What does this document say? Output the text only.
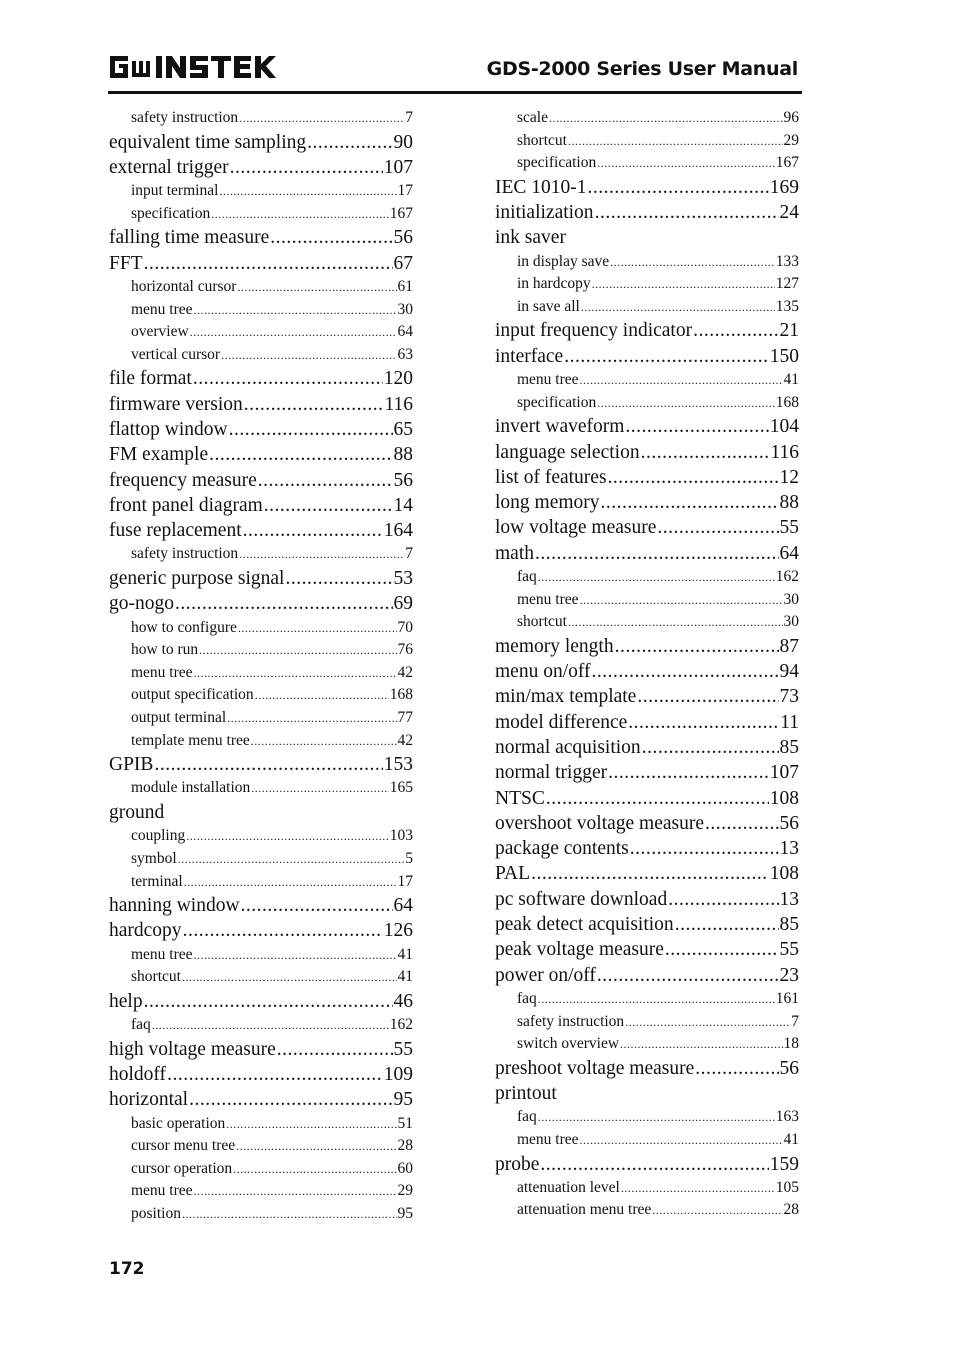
GDS-2000 Series User Manual
safety instruction .....	7
equivalent time sampling .....	90
external trigger .....	107
input terminal .....	17
specification .....	167
falling time measure .....	56
FFT .....	67
horizontal cursor .....	61
menu tree .....	30
overview .....	64
vertical cursor .....	63
file format .....	120
firmware version .....	116
flattop window .....	65
FM example .....	88
frequency measure .....	56
front panel diagram .....	14
fuse replacement .....	164
safety instruction .....	7
generic purpose signal .....	53
go-nogo .....	69
how to configure .....	70
how to run .....	76
menu tree .....	42
output specification .....	168
output terminal .....	77
template menu tree .....	42
GPIB .....	153
module installation .....	165
ground
coupling .....	103
symbol .....	5
terminal .....	17
hanning window .....	64
hardcopy .....	126
menu tree .....	41
shortcut .....	41
help .....	46
faq .....	162
high voltage measure .....	55
holdoff .....	109
horizontal .....	95
basic operation .....	51
cursor menu tree .....	28
cursor operation .....	60
menu tree .....	29
position .....	95
scale .....	96
shortcut .....	29
specification .....	167
IEC 1010-1 .....	169
initialization .....	24
ink saver
in display save .....	133
in hardcopy .....	127
in save all .....	135
input frequency indicator .....	21
interface .....	150
menu tree .....	41
specification .....	168
invert waveform .....	104
language selection .....	116
list of features .....	12
long memory .....	88
low voltage measure .....	55
math .....	64
faq .....	162
menu tree .....	30
shortcut .....	30
memory length .....	87
menu on/off .....	94
min/max template .....	73
model difference .....	11
normal acquisition .....	85
normal trigger .....	107
NTSC .....	108
overshoot voltage measure .....	56
package contents .....	13
PAL .....	108
pc software download .....	13
peak detect acquisition .....	85
peak voltage measure .....	55
power on/off .....	23
faq .....	161
safety instruction .....	7
switch overview .....	18
preshoot voltage measure .....	56
printout
faq .....	163
menu tree .....	41
probe .....	159
attenuation level .....	105
attenuation menu tree .....	28
172
